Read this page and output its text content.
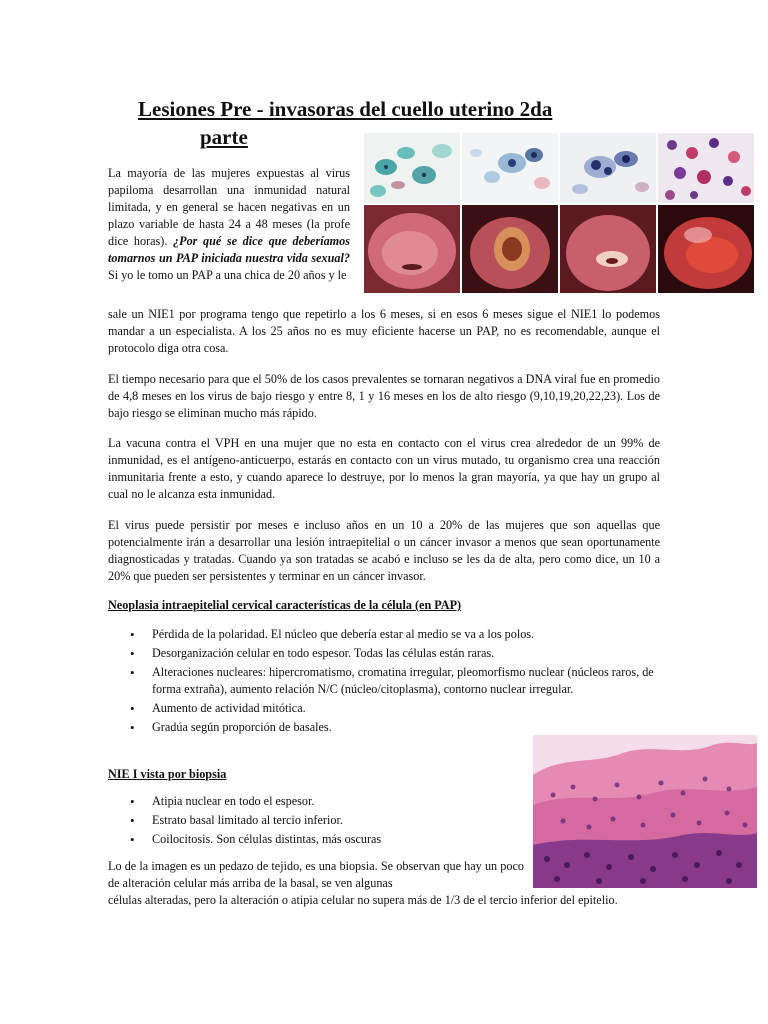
Lesiones Pre - invasoras del cuello uterino 2da
parte

La mayoría de las mujeres expuestas al virus papiloma desarrollan una inmunidad natural limitada, y en general se hacen negativas en un plazo variable de hasta 24 a 48 meses (la profe dice horas). ¿Por qué se dice que deberíamos tomarnos un PAP iniciada nuestra vida sexual? Si yo le tomo un PAP a una chica de 20 años y le

sale un NIE1 por programa tengo que repetirlo a los 6 meses, si en esos 6 meses sigue el NIE1 lo podemos mandar a un especialista. A los 25 años no es muy eficiente hacerse un PAP, no es recomendable, aunque el protocolo diga otra cosa.

El tiempo necesario para que el 50% de los casos prevalentes se tornaran negativos a DNA viral fue en promedio de 4,8 meses en los virus de bajo riesgo y entre 8, 1 y 16 meses en los de alto riesgo (9,10,19,20,22,23). Los de bajo riesgo se eliminan mucho más rápido.

La vacuna contra el VPH en una mujer que no esta en contacto con el virus crea alrededor de un 99% de inmunidad, es el antígeno-anticuerpo, estarás en contacto con un virus mutado, tu organismo crea una reacción inmunitaria frente a esto, y cuando aparece lo destruye, por lo menos la gran mayoría, ya que hay un grupo al cual no le alcanza esta inmunidad.

El virus puede persistir por meses e incluso años en un 10 a 20% de las mujeres que son aquellas que potencialmente irán a desarrollar una lesión intraepitelial o un cáncer invasor a menos que sean oportunamente diagnosticadas y tratadas. Cuando ya son tratadas se acabó e incluso se les da de alta, pero como dice, un 10 a 20% que pueden ser persistentes y terminar en un cáncer invasor.

Neoplasia intraepitelial cervical características de la célula (en PAP)

• Pérdida de la polaridad. El núcleo que debería estar al medio se va a los polos.
• Desorganización celular en todo espesor. Todas las células están raras.
• Alteraciones nucleares: hipercromatismo, cromatina irregular, pleomorfismo nuclear (núcleos raros, de forma extraña), aumento relación N/C (núcleo/citoplasma), contorno nuclear irregular.
• Aumento de actividad mitótica.
• Gradúa según proporción de basales.

NIE I vista por biopsia

• Atipia nuclear en todo el espesor.
• Estrato basal limitado al tercio inferior.
• Coilocitosis. Son células distintas, más oscuras

Lo de la imagen es un pedazo de tejido, es una biopsia. Se observan que hay un poco de alteración celular más arriba de la basal, se ven algunas

células alteradas, pero la alteración o atipia celular no supera más de 1/3 de el tercio inferior del epitelio.
